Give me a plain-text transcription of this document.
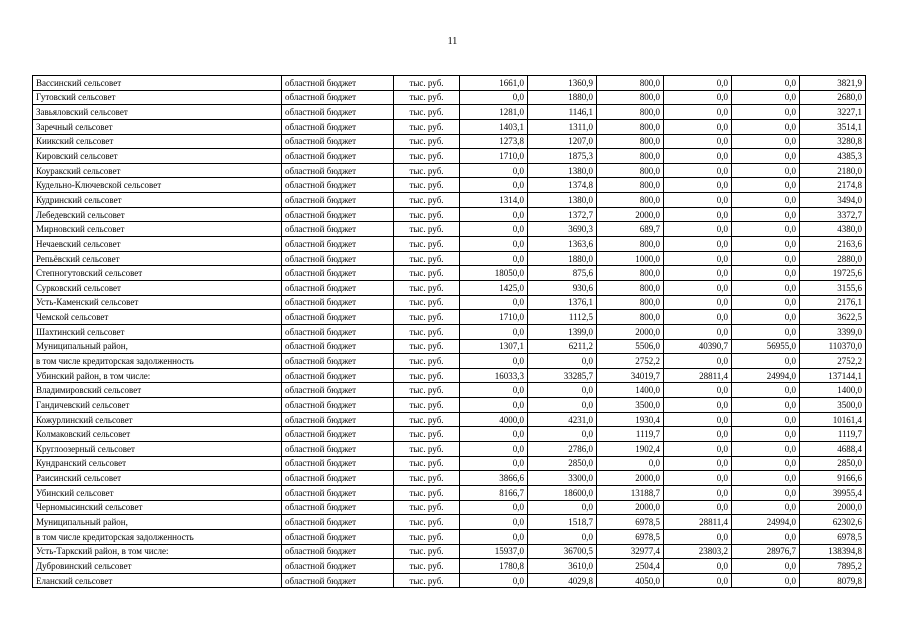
11
Вассинский сельсовет	областной бюджет	тыс. руб.	1661,0	1360,9	800,0	0,0	0,0	3821,9
Гутовский сельсовет	областной бюджет	тыс. руб.	0,0	1880,0	800,0	0,0	0,0	2680,0
Завьяловский сельсовет	областной бюджет	тыс. руб.	1281,0	1146,1	800,0	0,0	0,0	3227,1
Заречный сельсовет	областной бюджет	тыс. руб.	1403,1	1311,0	800,0	0,0	0,0	3514,1
Киикский сельсовет	областной бюджет	тыс. руб.	1273,8	1207,0	800,0	0,0	0,0	3280,8
Кировский сельсовет	областной бюджет	тыс. руб.	1710,0	1875,3	800,0	0,0	0,0	4385,3
Коуракский сельсовет	областной бюджет	тыс. руб.	0,0	1380,0	800,0	0,0	0,0	2180,0
Кудельно-Ключевской сельсовет	областной бюджет	тыс. руб.	0,0	1374,8	800,0	0,0	0,0	2174,8
Кудринский сельсовет	областной бюджет	тыс. руб.	1314,0	1380,0	800,0	0,0	0,0	3494,0
Лебедевский сельсовет	областной бюджет	тыс. руб.	0,0	1372,7	2000,0	0,0	0,0	3372,7
Мирновский сельсовет	областной бюджет	тыс. руб.	0,0	3690,3	689,7	0,0	0,0	4380,0
Нечаевский сельсовет	областной бюджет	тыс. руб.	0,0	1363,6	800,0	0,0	0,0	2163,6
Репьёвский сельсовет	областной бюджет	тыс. руб.	0,0	1880,0	1000,0	0,0	0,0	2880,0
Степногутовский сельсовет	областной бюджет	тыс. руб.	18050,0	875,6	800,0	0,0	0,0	19725,6
Сурковский сельсовет	областной бюджет	тыс. руб.	1425,0	930,6	800,0	0,0	0,0	3155,6
Усть-Каменский сельсовет	областной бюджет	тыс. руб.	0,0	1376,1	800,0	0,0	0,0	2176,1
Чемской сельсовет	областной бюджет	тыс. руб.	1710,0	1112,5	800,0	0,0	0,0	3622,5
Шахтинский сельсовет	областной бюджет	тыс. руб.	0,0	1399,0	2000,0	0,0	0,0	3399,0
Муниципальный район,	областной бюджет	тыс. руб.	1307,1	6211,2	5506,0	40390,7	56955,0	110370,0
в том числе кредиторская задолженность	областной бюджет	тыс. руб.	0,0	0,0	2752,2	0,0	0,0	2752,2
Убинский район, в том числе:	областной бюджет	тыс. руб.	16033,3	33285,7	34019,7	28811,4	24994,0	137144,1
Владимировский сельсовет	областной бюджет	тыс. руб.	0,0	0,0	1400,0	0,0	0,0	1400,0
Гандичевский сельсовет	областной бюджет	тыс. руб.	0,0	0,0	3500,0	0,0	0,0	3500,0
Кожурлинский сельсовет	областной бюджет	тыс. руб.	4000,0	4231,0	1930,4	0,0	0,0	10161,4
Колмаковский сельсовет	областной бюджет	тыс. руб.	0,0	0,0	1119,7	0,0	0,0	1119,7
Круглоозерный сельсовет	областной бюджет	тыс. руб.	0,0	2786,0	1902,4	0,0	0,0	4688,4
Кундранский сельсовет	областной бюджет	тыс. руб.	0,0	2850,0	0,0	0,0	0,0	2850,0
Раисинский сельсовет	областной бюджет	тыс. руб.	3866,6	3300,0	2000,0	0,0	0,0	9166,6
Убинский сельсовет	областной бюджет	тыс. руб.	8166,7	18600,0	13188,7	0,0	0,0	39955,4
Черномысинский сельсовет	областной бюджет	тыс. руб.	0,0	0,0	2000,0	0,0	0,0	2000,0
Муниципальный район,	областной бюджет	тыс. руб.	0,0	1518,7	6978,5	28811,4	24994,0	62302,6
в том числе кредиторская задолженность	областной бюджет	тыс. руб.	0,0	0,0	6978,5	0,0	0,0	6978,5
Усть-Таркский район, в том числе:	областной бюджет	тыс. руб.	15937,0	36700,5	32977,4	23803,2	28976,7	138394,8
Дубровинский сельсовет	областной бюджет	тыс. руб.	1780,8	3610,0	2504,4	0,0	0,0	7895,2
Еланский сельсовет	областной бюджет	тыс. руб.	0,0	4029,8	4050,0	0,0	0,0	8079,8
